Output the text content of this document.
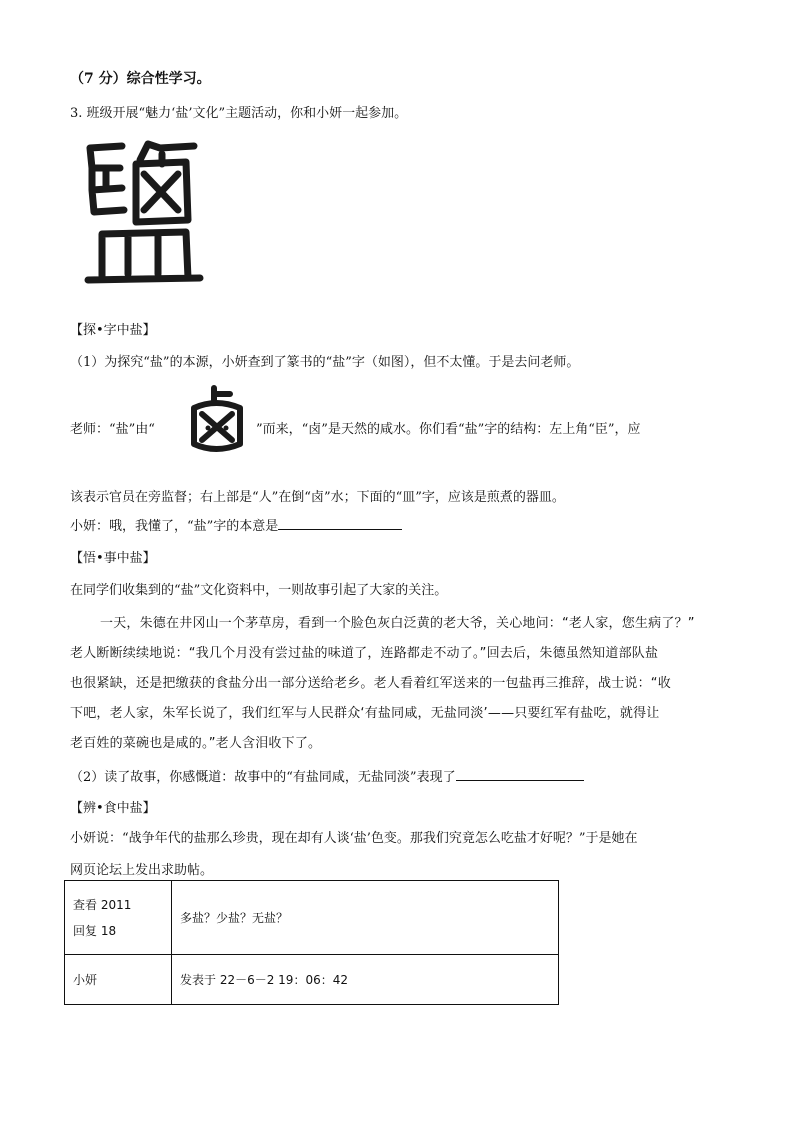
（7 分）综合性学习。
3. 班级开展“魅力‘盐’文化”主题活动，你和小妍一起参加。
【探•字中盐】
（1）为探究“盐”的本源，小妍查到了篆书的“盐”字（如图），但不太懂。于是去问老师。
老师：“盐”由“	”而来，“卤”是天然的咸水。你们看“盐”字的结构：左上角“臣”，应
该表示官员在旁监督；右上部是“人”在倒“卤”水；下面的“皿”字，应该是煎煮的器皿。
小妍：哦，我懂了，“盐”字的本意是
【悟•事中盐】
在同学们收集到的“盐”文化资料中，一则故事引起了大家的关注。
一天，朱德在井冈山一个茅草房，看到一个脸色灰白泛黄的老大爷，关心地问：“老人家，您生病了？”
老人断断续续地说：“我几个月没有尝过盐的味道了，连路都走不动了。”回去后，朱德虽然知道部队盐
也很紧缺，还是把缴获的食盐分出一部分送给老乡。老人看着红军送来的一包盐再三推辞，战士说：“收
下吧，老人家，朱军长说了，我们红军与人民群众‘有盐同咸，无盐同淡’——只要红军有盐吃，就得让
老百姓的菜碗也是咸的。”老人含泪收下了。
（2）读了故事，你感慨道：故事中的“有盐同咸，无盐同淡”表现了
【辨•食中盐】
小妍说：“战争年代的盐那么珍贵，现在却有人谈‘盐’色变。那我们究竟怎么吃盐才好呢？”于是她在
网页论坛上发出求助帖。
查看 2011
回复 18	多盐？少盐？无盐？
小妍	发表于 22－6－2 19：06：42
